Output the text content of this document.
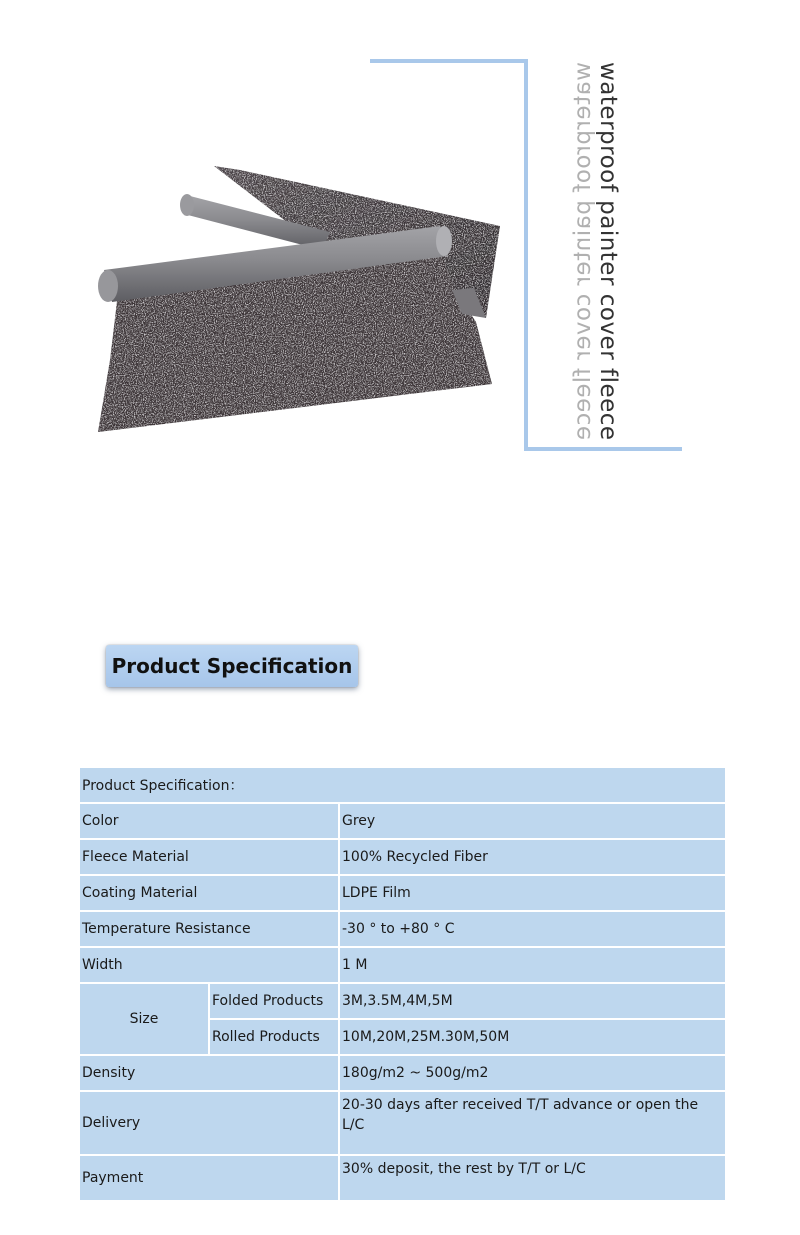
waterproof painter cover fleece
waterproof painter cover fleece
Product Specification
Product Specification：		
Color		Grey
Fleece Material		100% Recycled Fiber
Coating Material		LDPE Film
Temperature Resistance		-30 ° to +80 ° C
Width		1 M
Size	Folded Products	3M,3.5M,4M,5M
	Rolled Products	10M,20M,25M.30M,50M
Density		180g/m2 ~ 500g/m2
Delivery		20-30 days after received T/T advance or open the L/C
Payment		30% deposit, the rest by T/T or L/C
